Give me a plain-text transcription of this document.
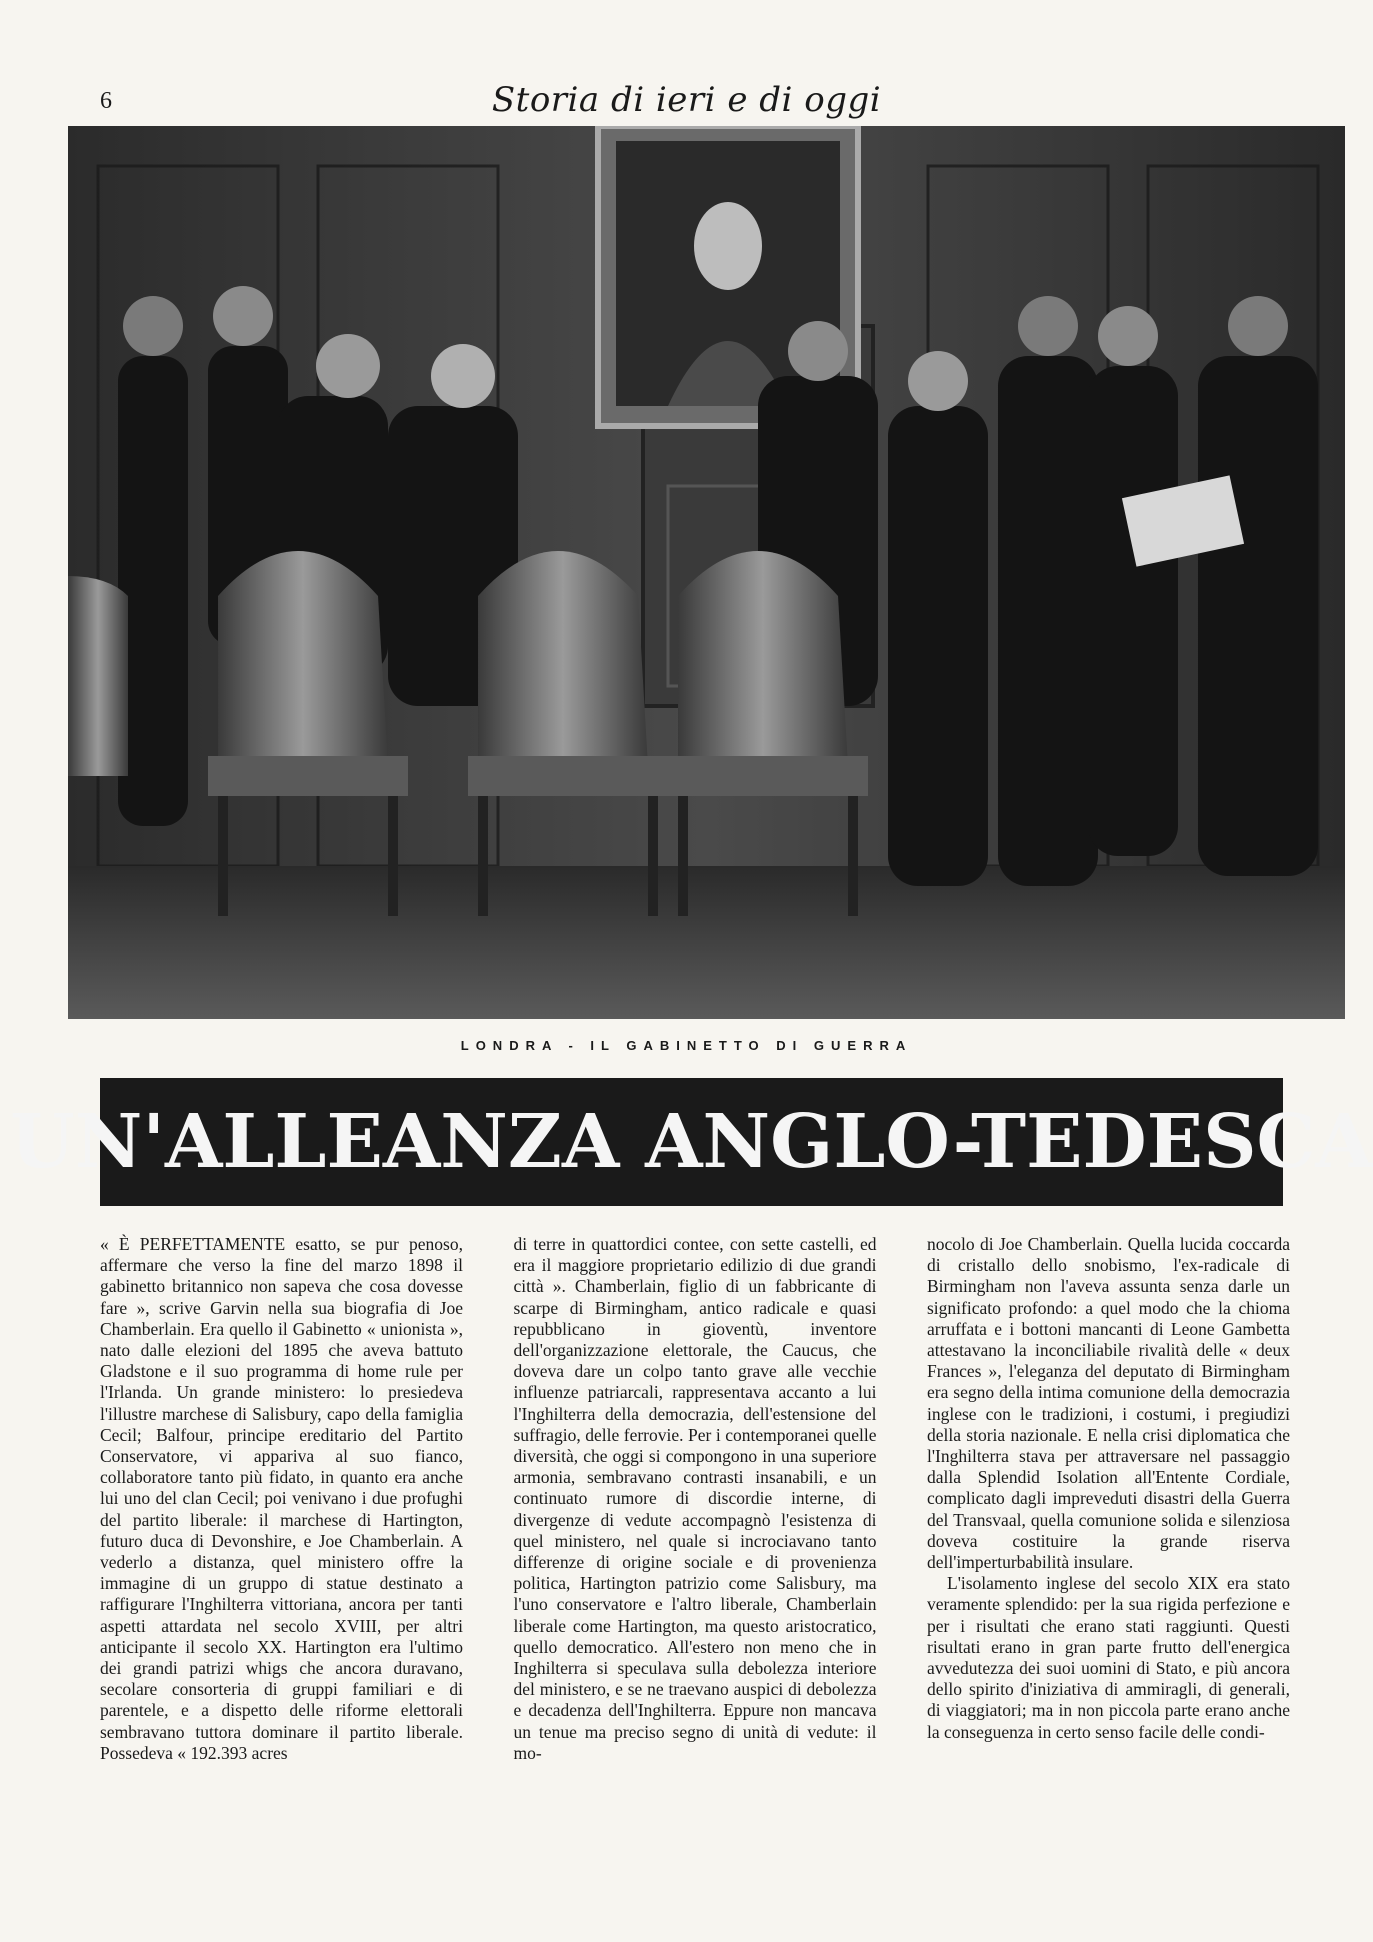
6	Storia di ieri e di oggi
LONDRA - IL GABINETTO DI GUERRA
UN'ALLEANZA ANGLO-TEDESCA

« È PERFETTAMENTE esatto, se pur penoso, affermare che verso la fine del marzo 1898 il gabinetto britannico non sapeva che cosa dovesse fare », scrive Garvin nella sua biografia di Joe Chamberlain. Era quello il Gabinetto « unionista », nato dalle elezioni del 1895 che aveva battuto Gladstone e il suo programma di home rule per l'Irlanda. Un grande ministero: lo presiedeva l'illustre marchese di Salisbury, capo della famiglia Cecil; Balfour, principe ereditario del Partito Conservatore, vi appariva al suo fianco, collaboratore tanto più fidato, in quanto era anche lui uno del clan Cecil; poi venivano i due profughi del partito liberale: il marchese di Hartington, futuro duca di Devonshire, e Joe Chamberlain. A vederlo a distanza, quel ministero offre la immagine di un gruppo di statue destinato a raffigurare l'Inghilterra vittoriana, ancora per tanti aspetti attardata nel secolo XVIII, per altri anticipante il secolo XX. Hartington era l'ultimo dei grandi patrizi whigs che ancora duravano, secolare consorteria di gruppi familiari e di parentele, e a dispetto delle riforme elettorali sembravano tuttora dominare il partito liberale. Possedeva « 192.393 acres

di terre in quattordici contee, con sette castelli, ed era il maggiore proprietario edilizio di due grandi città ». Chamberlain, figlio di un fabbricante di scarpe di Birmingham, antico radicale e quasi repubblicano in gioventù, inventore dell'organizzazione elettorale, the Caucus, che doveva dare un colpo tanto grave alle vecchie influenze patriarcali, rappresentava accanto a lui l'Inghilterra della democrazia, dell'estensione del suffragio, delle ferrovie. Per i contemporanei quelle diversità, che oggi si compongono in una superiore armonia, sembravano contrasti insanabili, e un continuato rumore di discordie interne, di divergenze di vedute accompagnò l'esistenza di quel ministero, nel quale si incrociavano tanto differenze di origine sociale e di provenienza politica, Hartington patrizio come Salisbury, ma l'uno conservatore e l'altro liberale, Chamberlain liberale come Hartington, ma questo aristocratico, quello democratico. All'estero non meno che in Inghilterra si speculava sulla debolezza interiore del ministero, e se ne traevano auspici di debolezza e decadenza dell'Inghilterra. Eppure non mancava un tenue ma preciso segno di unità di vedute: il mo-

nocolo di Joe Chamberlain. Quella lucida coccarda di cristallo dello snobismo, l'ex-radicale di Birmingham non l'aveva assunta senza darle un significato profondo: a quel modo che la chioma arruffata e i bottoni mancanti di Leone Gambetta attestavano la inconciliabile rivalità delle « deux Frances », l'eleganza del deputato di Birmingham era segno della intima comunione della democrazia inglese con le tradizioni, i costumi, i pregiudizi della storia nazionale. E nella crisi diplomatica che l'Inghilterra stava per attraversare nel passaggio dalla Splendid Isolation all'Entente Cordiale, complicato dagli impreveduti disastri della Guerra del Transvaal, quella comunione solida e silenziosa doveva costituire la grande riserva dell'imperturbabilità insulare.

L'isolamento inglese del secolo XIX era stato veramente splendido: per la sua rigida perfezione e per i risultati che erano stati raggiunti. Questi risultati erano in gran parte frutto dell'energica avvedutezza dei suoi uomini di Stato, e più ancora dello spirito d'iniziativa di ammiragli, di generali, di viaggiatori; ma in non piccola parte erano anche la conseguenza in certo senso facile delle condi-
